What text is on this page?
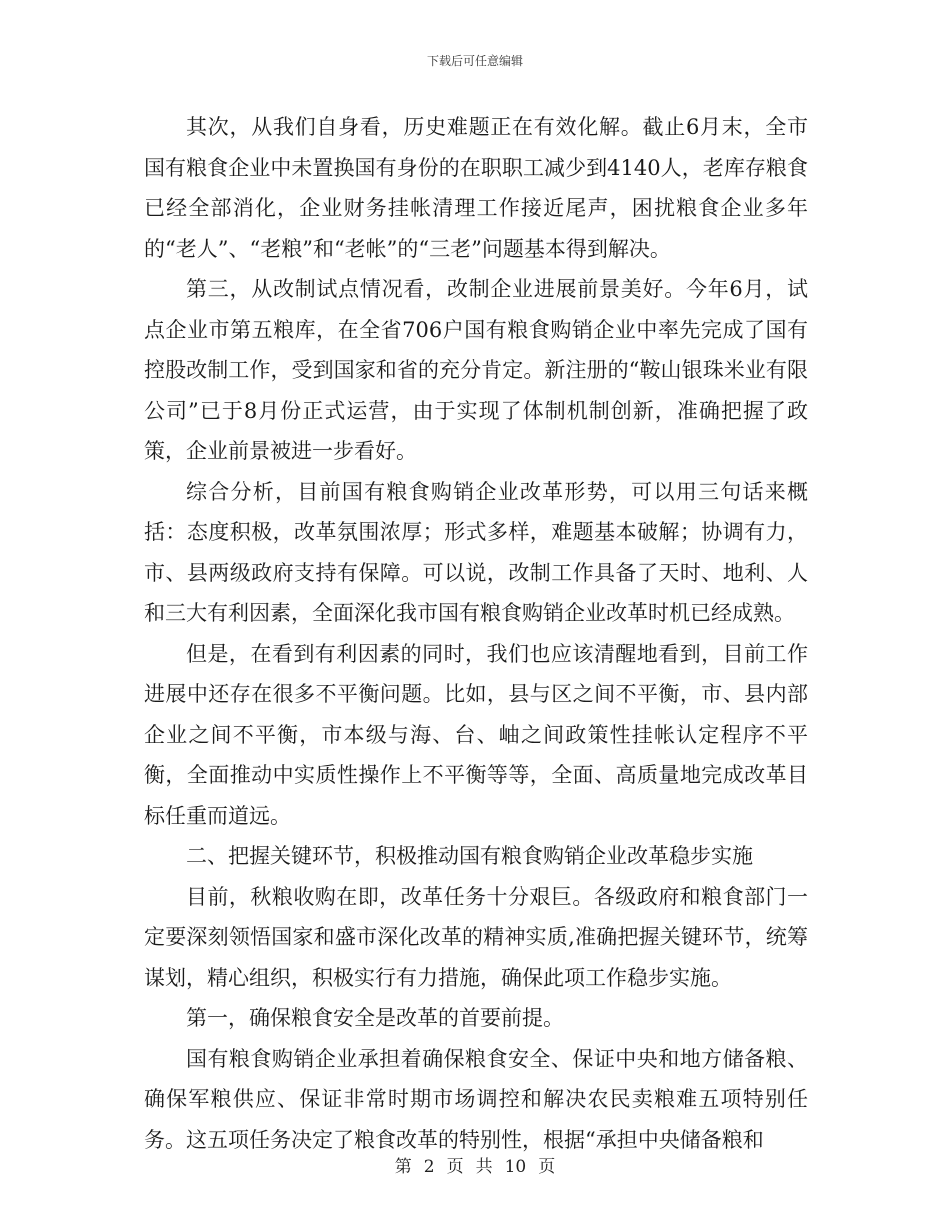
下载后可任意编辑

其次，从我们自身看，历史难题正在有效化解。截止6月末，全市国有粮食企业中未置换国有身份的在职职工减少到4140人，老库存粮食已经全部消化，企业财务挂帐清理工作接近尾声，困扰粮食企业多年的“老人”、“老粮”和“老帐”的“三老”问题基本得到解决。

第三，从改制试点情况看，改制企业进展前景美好。今年6月，试点企业市第五粮库，在全省706户国有粮食购销企业中率先完成了国有控股改制工作，受到国家和省的充分肯定。新注册的“鞍山银珠米业有限公司”已于8月份正式运营，由于实现了体制机制创新，准确把握了政策，企业前景被进一步看好。

综合分析，目前国有粮食购销企业改革形势，可以用三句话来概括：态度积极，改革氛围浓厚；形式多样，难题基本破解；协调有力，市、县两级政府支持有保障。可以说，改制工作具备了天时、地利、人和三大有利因素，全面深化我市国有粮食购销企业改革时机已经成熟。

但是，在看到有利因素的同时，我们也应该清醒地看到，目前工作进展中还存在很多不平衡问题。比如，县与区之间不平衡，市、县内部企业之间不平衡，市本级与海、台、岫之间政策性挂帐认定程序不平衡，全面推动中实质性操作上不平衡等等，全面、高质量地完成改革目标任重而道远。

二、把握关键环节，积极推动国有粮食购销企业改革稳步实施

目前，秋粮收购在即，改革任务十分艰巨。各级政府和粮食部门一定要深刻领悟国家和盛市深化改革的精神实质,准确把握关键环节，统筹谋划，精心组织，积极实行有力措施，确保此项工作稳步实施。

第一，确保粮食安全是改革的首要前提。

国有粮食购销企业承担着确保粮食安全、保证中央和地方储备粮、确保军粮供应、保证非常时期市场调控和解决农民卖粮难五项特别任务。这五项任务决定了粮食改革的特别性，根据“承担中央储备粮和

第 2 页 共 10 页
